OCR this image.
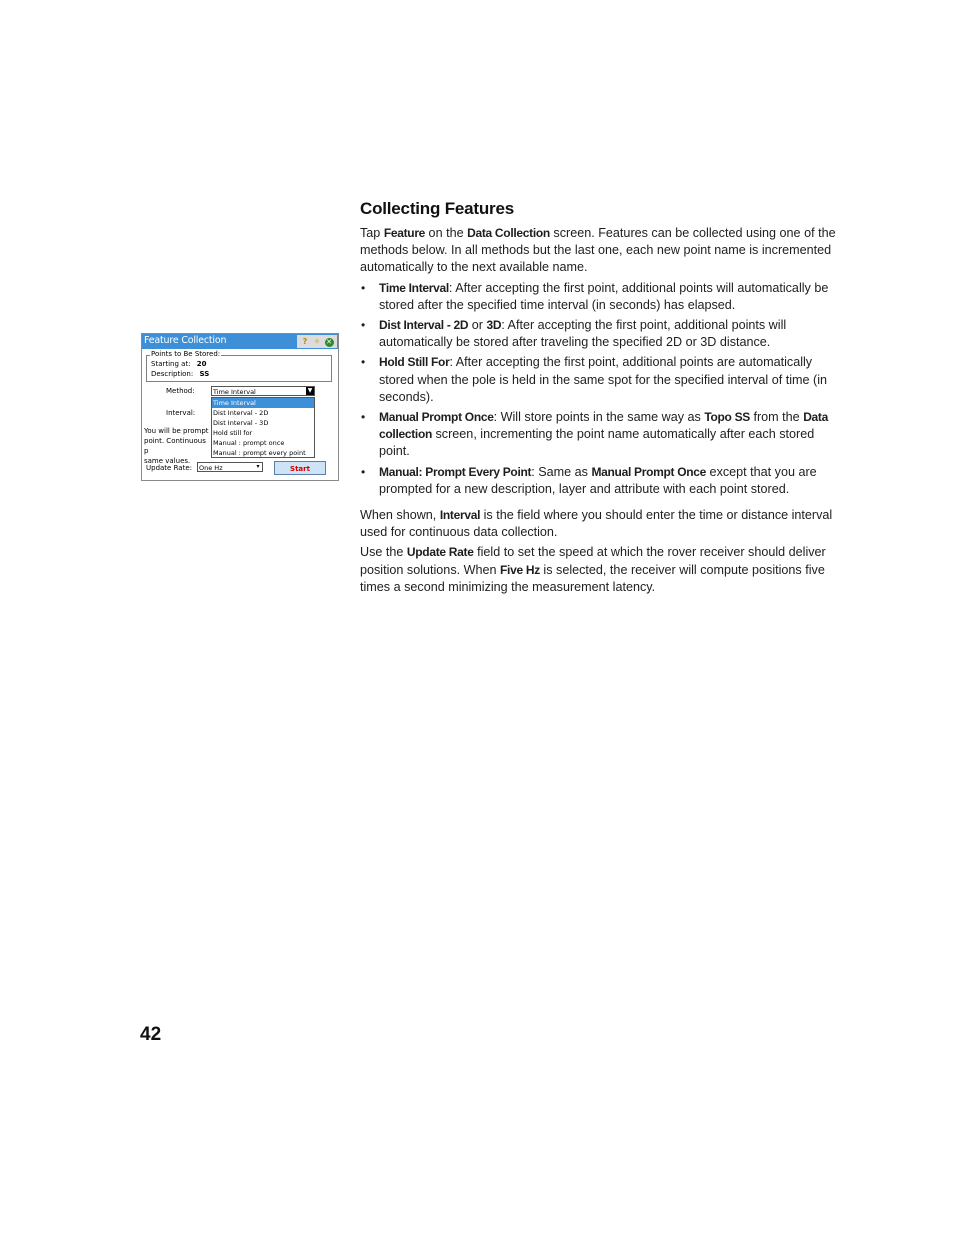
Collecting Features

Tap Feature on the Data Collection screen. Features can be collected using one of the methods below. In all methods but the last one, each new point name is incremented automatically to the next available name.

• Time Interval: After accepting the first point, additional points will automatically be stored after the specified time interval (in seconds) has elapsed.
• Dist Interval - 2D or 3D: After accepting the first point, additional points will automatically be stored after traveling the specified 2D or 3D distance.
• Hold Still For: After accepting the first point, additional points are automatically stored when the pole is held in the same spot for the specified interval of time (in seconds).
• Manual Prompt Once: Will store points in the same way as Topo SS from the Data collection screen, incrementing the point name automatically after each stored point.
• Manual: Prompt Every Point: Same as Manual Prompt Once except that you are prompted for a new description, layer and attribute with each point stored.

When shown, Interval is the field where you should enter the time or distance interval used for continuous data collection.

Use the Update Rate field to set the speed at which the rover receiver should deliver position solutions. When Five Hz is selected, the receiver will compute positions five times a second minimizing the measurement latency.

Feature Collection	? ✧ ✕
Points to Be Stored:
Starting at: 20
Description: SS
Method:	Time Interval	▼
Interval:
Time Interval
Dist Interval - 2D
Dist Interval - 3D
Hold still for
Manual : prompt once
Manual : prompt every point
You will be prompt
point. Continuous p
same values.
Update Rate:	One Hz	▾	Start
42
